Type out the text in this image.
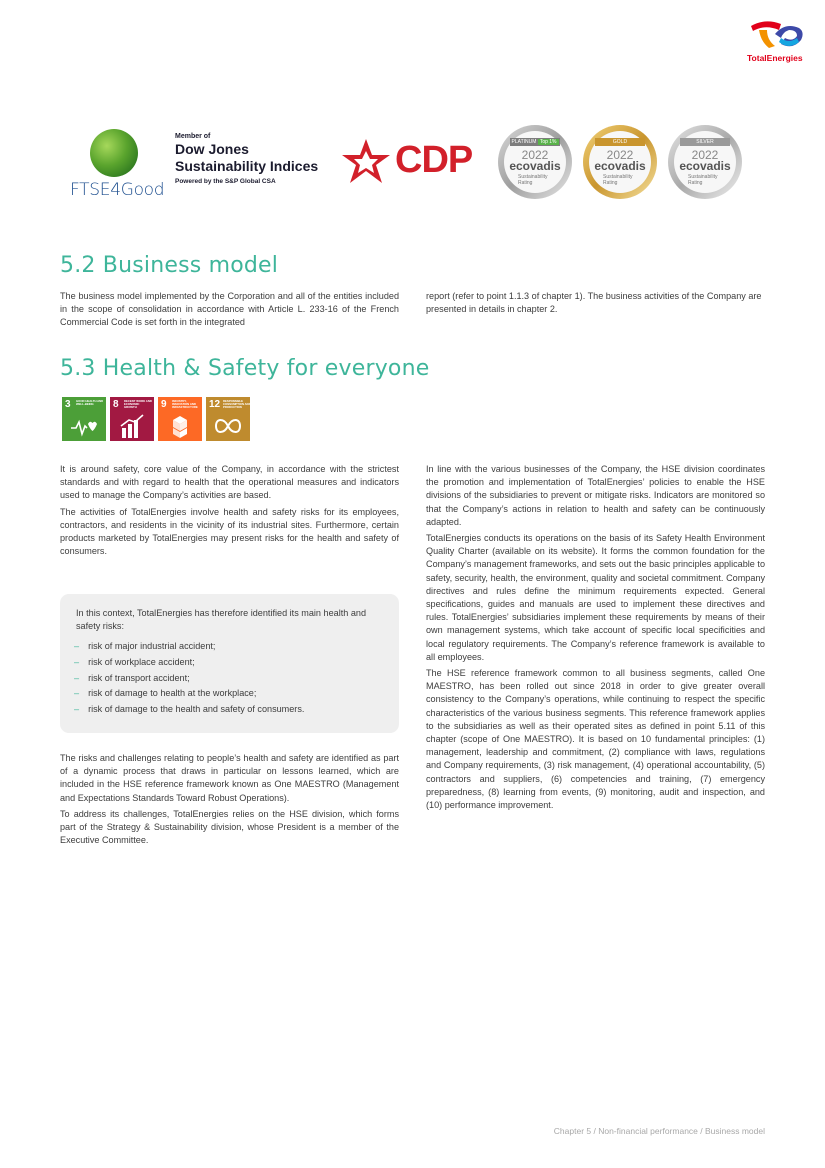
TotalEnergies
FTSE4Good
Member of
Dow Jones
Sustainability Indices
Powered by the S&P Global CSA
CDP	2022
ecovadis
Sustainability
Rating
PLATINUM Top 1%
2022
ecovadis
Sustainability
Rating
GOLD
2022
ecovadis
Sustainability
Rating
SILVER
5.2 Business model
The business model implemented by the Corporation and all of the entities included in the scope of consolidation in accordance with Article L. 233-16 of the French Commercial Code is set forth in the integrated
report (refer to point 1.1.3 of chapter 1). The business activities of the Company are presented in details in chapter 2.
5.3 Health & Safety for everyone
3 GOOD HEALTH AND WELL-BEING	8 DECENT WORK AND ECONOMIC GROWTH	9 INDUSTRY, INNOVATION AND INFRASTRUCTURE 12 RESPONSIBLE CONSUMPTION AND PRODUCTION

It is around safety, core value of the Company, in accordance with the strictest standards and with regard to health that the operational measures and indicators used to manage the Company’s activities are based.

The activities of TotalEnergies involve health and safety risks for its employees, contractors, and residents in the vicinity of its industrial sites. Furthermore, certain products marketed by TotalEnergies may present risks for the health and safety of consumers.

In this context, TotalEnergies has therefore identified its main health and safety risks:
– risk of major industrial accident;
– risk of workplace accident;
– risk of transport accident;
– risk of damage to health at the workplace;
– risk of damage to the health and safety of consumers.

The risks and challenges relating to people’s health and safety are identified as part of a dynamic process that draws in particular on lessons learned, which are included in the HSE reference framework known as One MAESTRO (Management and Expectations Standards Toward Robust Operations).

To address its challenges, TotalEnergies relies on the HSE division, which forms part of the Strategy & Sustainability division, whose President is a member of the Executive Committee.

In line with the various businesses of the Company, the HSE division coordinates the promotion and implementation of TotalEnergies’ policies to enable the HSE divisions of the subsidiaries to prevent or mitigate risks. Indicators are monitored so that the Company’s actions in relation to health and safety can be continuously adapted.

TotalEnergies conducts its operations on the basis of its Safety Health Environment Quality Charter (available on its website). It forms the common foundation for the Company’s management frameworks, and sets out the basic principles applicable to safety, security, health, the environment, quality and societal commitment. Company directives and rules define the minimum requirements expected. General specifications, guides and manuals are used to implement these directives and rules. TotalEnergies’ subsidiaries implement these requirements by means of their own management systems, which take account of specific local specificities and local regulatory requirements. The Company’s reference framework is available to all employees.

The HSE reference framework common to all business segments, called One MAESTRO, has been rolled out since 2018 in order to give greater overall consistency to the Company’s operations, while continuing to respect the specific characteristics of the various business segments. This reference framework applies to the subsidiaries as well as their operated sites as defined in point 5.11 of this chapter (scope of One MAESTRO). It is based on 10 fundamental principles: (1) management, leadership and commitment, (2) compliance with laws, regulations and Company requirements, (3) risk management, (4) operational accountability, (5) contractors and suppliers, (6) competencies and training, (7) emergency preparedness, (8) learning from events, (9) monitoring, audit and inspection, and (10) performance improvement.

Chapter 5 / Non-financial performance / Business model
